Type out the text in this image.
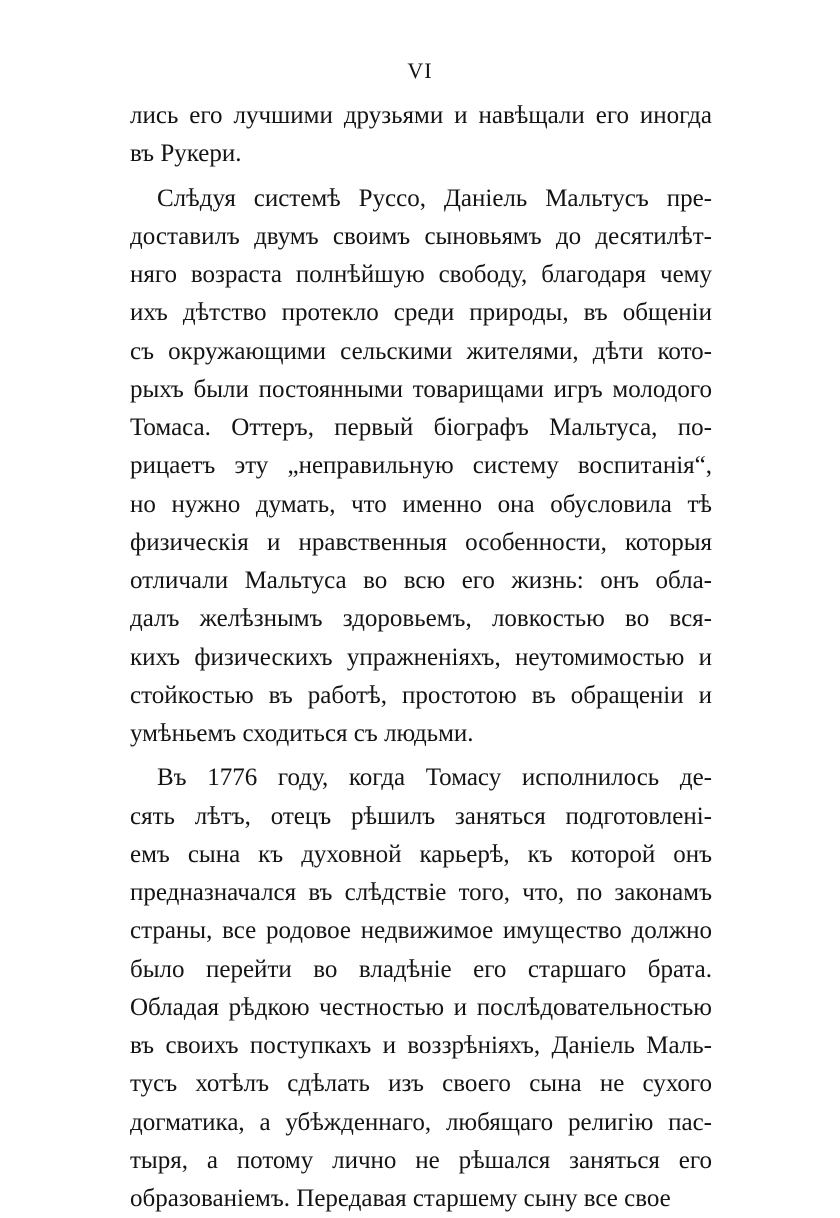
VI
лись его лучшими друзьями и навѣщали его иногда
въ Рукери.
Слѣдуя системѣ Руссо, Даніель Мальтусъ пре-
доставилъ двумъ своимъ сыновьямъ до десятилѣт-
няго возраста полнѣйшую свободу, благодаря чему
ихъ дѣтство протекло среди природы, въ общеніи
съ окружающими сельскими жителями, дѣти кото-
рыхъ были постоянными товарищами игръ молодого
Томаса. Оттеръ, первый біографъ Мальтуса, по-
рицаетъ эту „неправильную систему воспитанія“,
но нужно думать, что именно она обусловила тѣ
физическія и нравственныя особенности, которыя
отличали Мальтуса во всю его жизнь: онъ обла-
далъ желѣзнымъ здоровьемъ, ловкостью во вся-
кихъ физическихъ упражненіяхъ, неутомимостью и
стойкостью въ работѣ, простотою въ обращеніи и
умѣньемъ сходиться съ людьми.
Въ 1776 году, когда Томасу исполнилось де-
сять лѣтъ, отецъ рѣшилъ заняться подготовлені-
емъ сына къ духовной карьерѣ, къ которой онъ
предназначался въ слѣдствіе того, что, по законамъ
страны, все родовое недвижимое имущество должно
было перейти во владѣніе его старшаго брата.
Обладая рѣдкою честностью и послѣдовательностью
въ своихъ поступкахъ и воззрѣніяхъ, Даніель Маль-
тусъ хотѣлъ сдѣлать изъ своего сына не сухого
догматика, а убѣжденнаго, любящаго религію пас-
тыря, а потому лично не рѣшался заняться его
образованіемъ. Передавая старшему сыну все свое
